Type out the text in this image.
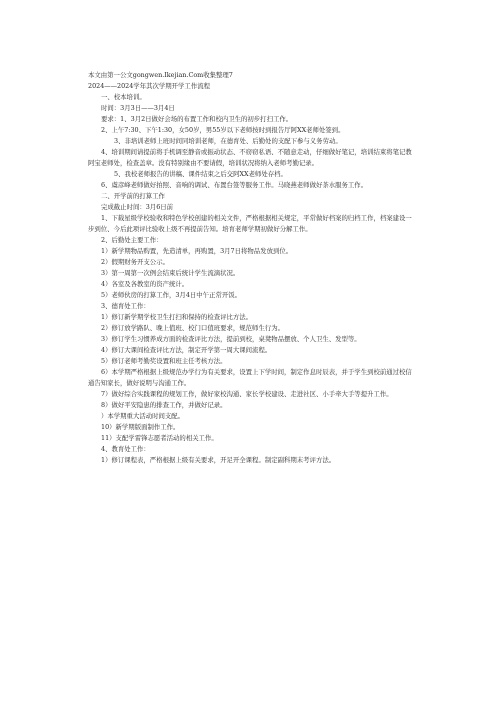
本文由第一公文gongwen.Ikejian.Com收集整理7
2024——2024学年其次学期开学工作流程
一、校本培训。
时间：3月3日——3月4日
要求：1、3月2日做好会场的布置工作和校内卫生的初步打扫工作。
2、上午7:30、下午1:30，女50岁，男55岁以下老师按时到报告厅阿XX老师处签到。
3、非培训老师上班时间同培训老师，在德育处、后勤处的支配下参与义务劳动。
4、培训期间请提前将手机调至静音或振动状态、不窃窃私语、不随意走动，仔细做好笔记，培训结束将笔记教阿宝老师处，检查盖章。没有特别缘由不要请假，培训状况将纳入老师考勤记录。
5、我校老师报告的讲稿、课件结束之后交阿XX老师处存档。
6、虞彦峰老师做好拍照、音响的调试、布置台签等服务工作。马晓燕老师做好茶水服务工作。
二、开学前的打算工作
完成截止时间：3月6日前
1、下载星级学校验收和特色学校创建的相关文件，严格根据相关规定，平常做好档案的归档工作，档案建设一步到位、今后此项评比验收上级不再提前告知。培育老师学期初做好分解工作。
2、后勤处主要工作：
1）新学期物品购置，先造清单，再购置，3月7日将物品发放到位。
2）假期财务开支公示。
3）第一周第一次例会结束后统计学生流滴状况。
4）各室及各教室的资产统计。
5）老师伙房的打算工作，3月4日中午正常开饭。
3、德育处工作：
1）修订新学期学校卫生打扫和保持的检查评比方法。
2）修订放学路队、晚上值班、校门口值班要求，规范师生行为。
3）修订学生习惯养成方面的检查评比方法，提前到校，桌凳物品摆放、个人卫生、发型等。
4）修订大课间检查评比方法，制定开学第一周大课间流程。
5）修订老师考勤奖设置和班主任考核方法。
6）本学期严格根据上级规范办学行为有关要求，设置上下学时间，制定作息时辰表，并于学生到校前通过校信通告知家长，做好说明与沟通工作。
7）做好综合实践课程的规划工作，做好家校沟通、家长学校建设、走进社区、小手牵大手等提升工作。
8）做好平安隐患的排查工作，并做好记录。
）本学期重大活动时间支配。
10）新学期版面制作工作。
11）支配学雷锋志愿者活动的相关工作。
4、教育处工作：
1）修订课程表，严格根据上级有关要求，开足开全课程。制定副科期末考评方法。
